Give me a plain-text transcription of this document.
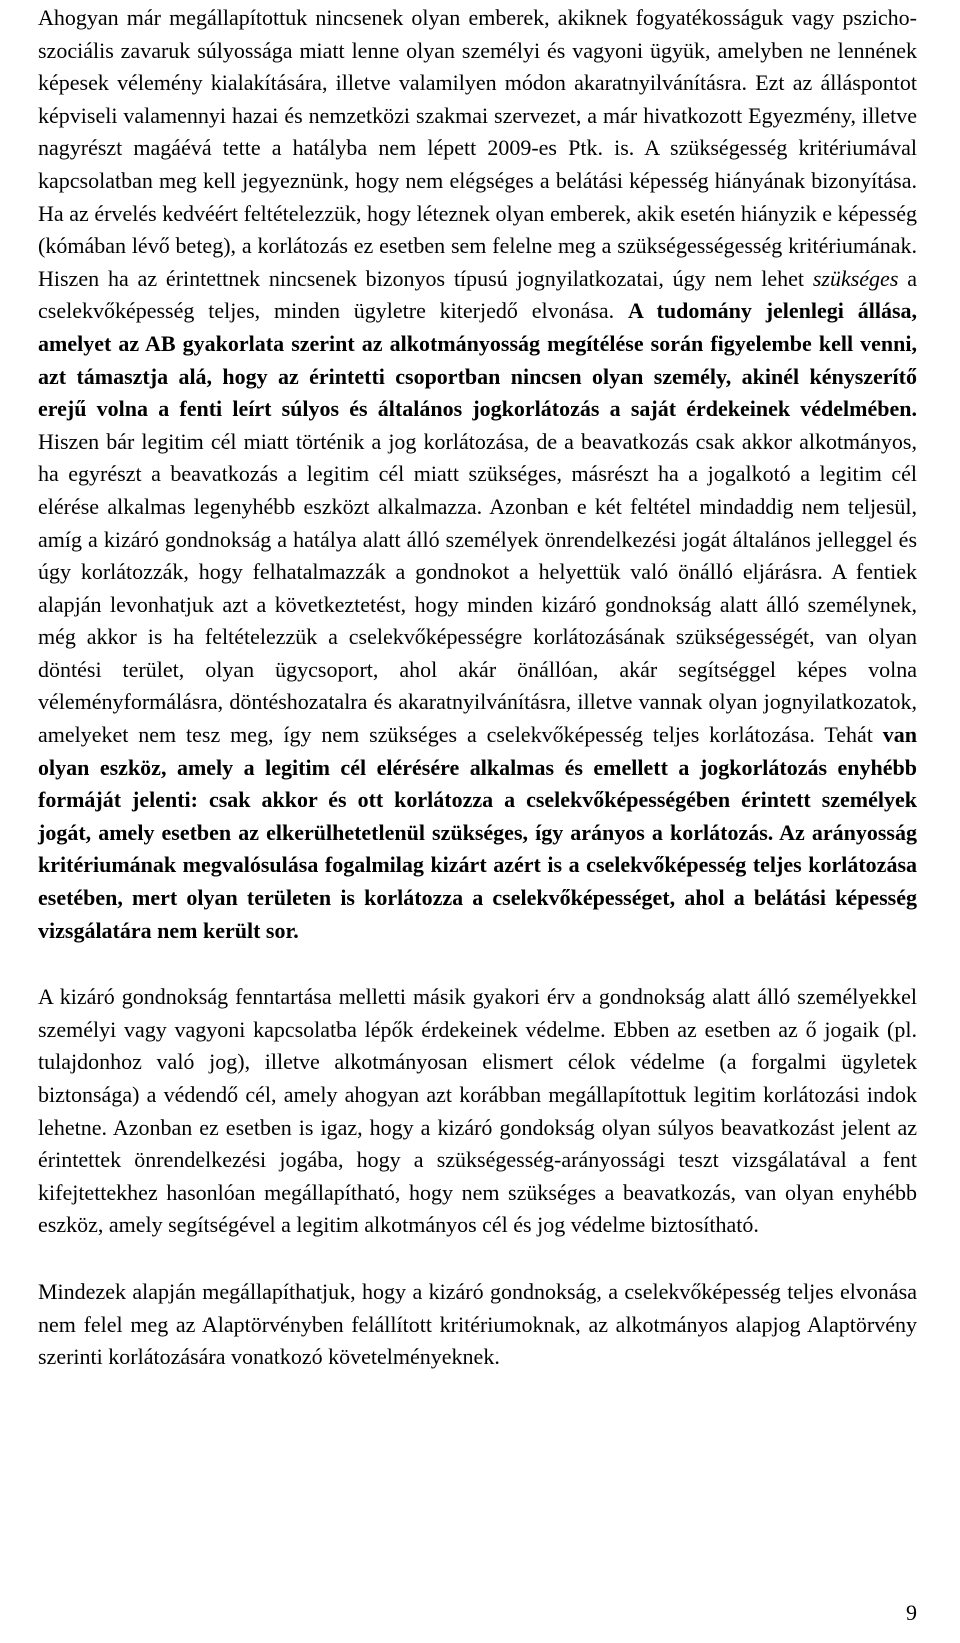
Ahogyan már megállapítottuk nincsenek olyan emberek, akiknek fogyatékosságuk vagy pszicho-szociális zavaruk súlyossága miatt lenne olyan személyi és vagyoni ügyük, amelyben ne lennének képesek vélemény kialakítására, illetve valamilyen módon akaratnyilvánításra. Ezt az álláspontot képviseli valamennyi hazai és nemzetközi szakmai szervezet, a már hivatkozott Egyezmény, illetve nagyrészt magáévá tette a hatályba nem lépett 2009-es Ptk. is. A szükségesség kritériumával kapcsolatban meg kell jegyeznünk, hogy nem elégséges a belátási képesség hiányának bizonyítása. Ha az érvelés kedvéért feltételezzük, hogy léteznek olyan emberek, akik esetén hiányzik e képesség (kómában lévő beteg), a korlátozás ez esetben sem felelne meg a szükségességesség kritériumának. Hiszen ha az érintettnek nincsenek bizonyos típusú jognyilatkozatai, úgy nem lehet szükséges a cselekvőképesség teljes, minden ügyletre kiterjedő elvonása. A tudomány jelenlegi állása, amelyet az AB gyakorlata szerint az alkotmányosság megítélése során figyelembe kell venni, azt támasztja alá, hogy az érintetti csoportban nincsen olyan személy, akinél kényszerítő erejű volna a fenti leírt súlyos és általános jogkorlátozás a saját érdekeinek védelmében. Hiszen bár legitim cél miatt történik a jog korlátozása, de a beavatkozás csak akkor alkotmányos, ha egyrészt a beavatkozás a legitim cél miatt szükséges, másrészt ha a jogalkotó a legitim cél elérése alkalmas legenyhébb eszközt alkalmazza. Azonban e két feltétel mindaddig nem teljesül, amíg a kizáró gondnokság a hatálya alatt álló személyek önrendelkezési jogát általános jelleggel és úgy korlátozzák, hogy felhatalmazzák a gondnokot a helyettük való önálló eljárásra. A fentiek alapján levonhatjuk azt a következtetést, hogy minden kizáró gondnokság alatt álló személynek, még akkor is ha feltételezzük a cselekvőképességre korlátozásának szükségességét, van olyan döntési terület, olyan ügycsoport, ahol akár önállóan, akár segítséggel képes volna véleményformálásra, döntéshozatalra és akaratnyilvánításra, illetve vannak olyan jognyilatkozatok, amelyeket nem tesz meg, így nem szükséges a cselekvőképesség teljes korlátozása. Tehát van olyan eszköz, amely a legitim cél elérésére alkalmas és emellett a jogkorlátozás enyhébb formáját jelenti: csak akkor és ott korlátozza a cselekvőképességében érintett személyek jogát, amely esetben az elkerülhetetlenül szükséges, így arányos a korlátozás. Az arányosság kritériumának megvalósulása fogalmilag kizárt azért is a cselekvőképesség teljes korlátozása esetében, mert olyan területen is korlátozza a cselekvőképességet, ahol a belátási képesség vizsgálatára nem került sor.

A kizáró gondnokság fenntartása melletti másik gyakori érv a gondnokság alatt álló személyekkel személyi vagy vagyoni kapcsolatba lépők érdekeinek védelme. Ebben az esetben az ő jogaik (pl. tulajdonhoz való jog), illetve alkotmányosan elismert célok védelme (a forgalmi ügyletek biztonsága) a védendő cél, amely ahogyan azt korábban megállapítottuk legitim korlátozási indok lehetne. Azonban ez esetben is igaz, hogy a kizáró gondokság olyan súlyos beavatkozást jelent az érintettek önrendelkezési jogába, hogy a szükségesség-arányossági teszt vizsgálatával a fent kifejtettekhez hasonlóan megállapítható, hogy nem szükséges a beavatkozás, van olyan enyhébb eszköz, amely segítségével a legitim alkotmányos cél és jog védelme biztosítható.

Mindezek alapján megállapíthatjuk, hogy a kizáró gondnokság, a cselekvőképesség teljes elvonása nem felel meg az Alaptörvényben felállított kritériumoknak, az alkotmányos alapjog Alaptörvény szerinti korlátozására vonatkozó követelményeknek.

9
